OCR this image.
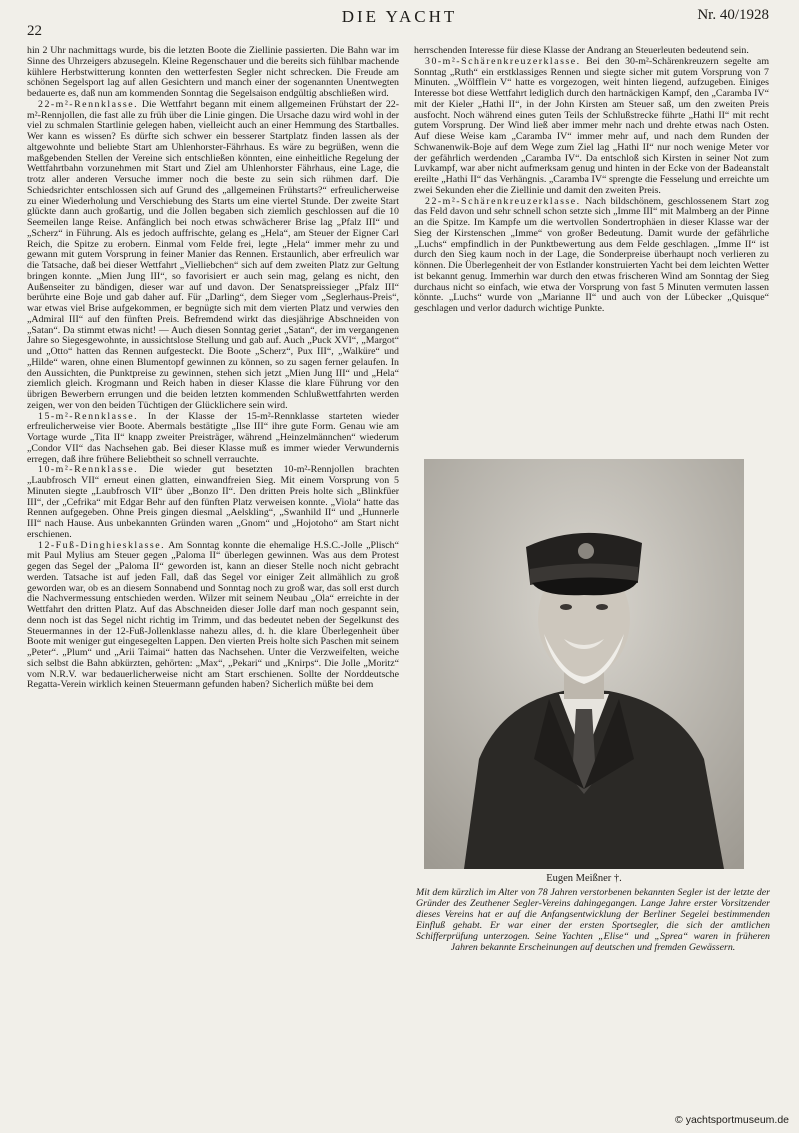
22
DIE YACHT	Nr. 40/1928

hin 2 Uhr nachmittags wurde, bis die letzten Boote die Ziellinie passierten. Die Bahn war im Sinne des Uhrzeigers abzusegeln. Kleine Regenschauer und die bereits sich fühlbar machende kühlere Herbstwitterung konnten den wetterfesten Segler nicht schrecken. Die Freude am schönen Segelsport lag auf allen Gesichtern und manch einer der sogenannten Unentwegten bedauerte es, daß nun am kommenden Sonntag die Segelsaison endgültig abschließen wird.

22-m²-Rennklasse. Die Wettfahrt begann mit einem allgemeinen Frühstart der 22-m²-Rennjollen, die fast alle zu früh über die Linie gingen. Die Ursache dazu wird wohl in der viel zu schmalen Startlinie gelegen haben, vielleicht auch an einer Hemmung des Startballes. Wer kann es wissen? Es dürfte sich schwer ein besserer Startplatz finden lassen als der altgewohnte und beliebte Start am Uhlenhorster-Fährhaus. Es wäre zu begrüßen, wenn die maßgebenden Stellen der Vereine sich entschließen könnten, eine einheitliche Regelung der Wettfahrtbahn vorzunehmen mit Start und Ziel am Uhlenhorster Fährhaus, eine Lage, die trotz aller anderen Versuche immer noch die beste zu sein sich rühmen darf. Die Schiedsrichter entschlossen sich auf Grund des „allgemeinen Frühstarts?“ erfreulicherweise zu einer Wiederholung und Verschiebung des Starts um eine viertel Stunde. Der zweite Start glückte dann auch großartig, und die Jollen begaben sich ziemlich geschlossen auf die 10 Seemeilen lange Reise. Anfänglich bei noch etwas schwächerer Brise lag „Pfalz III“ und „Scherz“ in Führung. Als es jedoch auffrischte, gelang es „Hela“, am Steuer der Eigner Carl Reich, die Spitze zu erobern. Einmal vom Felde frei, legte „Hela“ immer mehr zu und gewann mit gutem Vorsprung in feiner Manier das Rennen. Erstaunlich, aber erfreulich war die Tatsache, daß bei dieser Wettfahrt „Vielliebchen“ sich auf dem zweiten Platz zur Geltung bringen konnte. „Mien Jung III“, so favorisiert er auch sein mag, gelang es nicht, den Außenseiter zu bändigen, dieser war auf und davon. Der Senatspreissieger „Pfalz III“ berührte eine Boje und gab daher auf. Für „Darling“, dem Sieger vom „Seglerhaus-Preis“, war etwas viel Brise aufgekommen, er begnügte sich mit dem vierten Platz und verwies den „Admiral III“ auf den fünften Preis. Befremdend wirkt das diesjährige Abschneiden von „Satan“. Da stimmt etwas nicht! — Auch diesen Sonntag geriet „Satan“, der im vergangenen Jahre so Siegesgewohnte, in aussichtslose Stellung und gab auf. Auch „Puck XVI“, „Margot“ und „Otto“ hatten das Rennen aufgesteckt. Die Boote „Scherz“, Pux III“, „Walküre“ und „Hilde“ waren, ohne einen Blumentopf gewinnen zu können, so zu sagen ferner gelaufen. In den Aussichten, die Punktpreise zu gewinnen, stehen sich jetzt „Mien Jung III“ und „Hela“ ziemlich gleich. Krogmann und Reich haben in dieser Klasse die klare Führung vor den übrigen Bewerbern errungen und die beiden letzten kommenden Schlußwettfahrten werden zeigen, wer von den beiden Tüchtigen der Glücklichere sein wird.

15-m²-Rennklasse. In der Klasse der 15-m²-Rennklasse starteten wieder erfreulicherweise vier Boote. Abermals bestätigte „Ilse III“ ihre gute Form. Genau wie am Vortage wurde „Tita II“ knapp zweiter Preisträger, während „Heinzelmännchen“ wiederum „Condor VII“ das Nachsehen gab. Bei dieser Klasse muß es immer wieder Verwundernis erregen, daß ihre frühere Beliebtheit so schnell verrauchte.

10-m²-Rennklasse. Die wieder gut besetzten 10-m²-Rennjollen brachten „Laubfrosch VII“ erneut einen glatten, einwandfreien Sieg. Mit einem Vorsprung von 5 Minuten siegte „Laubfrosch VII“ über „Bonzo II“. Den dritten Preis holte sich „Blinkfüer III“, der „Cefrika“ mit Edgar Behr auf den fünften Platz verweisen konnte. „Viola“ hatte das Rennen aufgegeben. Ohne Preis gingen diesmal „Aelskling“, „Swanhild II“ und „Hunnerle III“ nach Hause. Aus unbekannten Gründen waren „Gnom“ und „Hojotoho“ am Start nicht erschienen.

12-Fuß-Dinghiesklasse. Am Sonntag konnte die ehemalige H.S.C.-Jolle „Plisch“ mit Paul Mylius am Steuer gegen „Paloma II“ überlegen gewinnen. Was aus dem Protest gegen das Segel der „Paloma II“ geworden ist, kann an dieser Stelle noch nicht gebracht werden. Tatsache ist auf jeden Fall, daß das Segel vor einiger Zeit allmählich zu groß geworden war, ob es an diesem Sonnabend und Sonntag noch zu groß war, das soll erst durch die Nachvermessung entschieden werden. Wilzer mit seinem Neubau „Ola“ erreichte in der Wettfahrt den dritten Platz. Auf das Abschneiden dieser Jolle darf man noch gespannt sein, denn noch ist das Segel nicht richtig im Trimm, und das bedeutet neben der Segelkunst des Steuermannes in der 12-Fuß-Jollenklasse nahezu alles, d. h. die klare Überlegenheit über Boote mit weniger gut eingesegelten Lappen. Den vierten Preis holte sich Paschen mit seinem „Peter“. „Plum“ und „Arii Taimai“ hatten das Nachsehen. Unter die Verzweifelten, weiche sich selbst die Bahn abkürzten, gehörten: „Max“, „Pekari“ und „Knirps“. Die Jolle „Moritz“ vom N.R.V. war bedauerlicherweise nicht am Start erschienen. Sollte der Norddeutsche Regatta-Verein wirklich keinen Steuermann gefunden haben? Sicherlich müßte bei dem

herrschenden Interesse für diese Klasse der Andrang an Steuerleuten bedeutend sein.

30-m²-Schärenkreuzerklasse. Bei den 30-m²-Schärenkreuzern segelte am Sonntag „Ruth“ ein erstklassiges Rennen und siegte sicher mit gutem Vorsprung von 7 Minuten. „Wölfflein V“ hatte es vorgezogen, weit hinten liegend, aufzugeben. Einiges Interesse bot diese Wettfahrt lediglich durch den hartnäckigen Kampf, den „Caramba IV“ mit der Kieler „Hathi II“, in der John Kirsten am Steuer saß, um den zweiten Preis ausfocht. Noch während eines guten Teils der Schlußstrecke führte „Hathi II“ mit recht gutem Vorsprung. Der Wind ließ aber immer mehr nach und drehte etwas nach Osten. Auf diese Weise kam „Caramba IV“ immer mehr auf, und nach dem Runden der Schwanenwik-Boje auf dem Wege zum Ziel lag „Hathi II“ nur noch wenige Meter vor der gefährlich werdenden „Caramba IV“. Da entschloß sich Kirsten in seiner Not zum Luvkampf, war aber nicht aufmerksam genug und hinten in der Ecke von der Badeanstalt ereilte „Hathi II“ das Verhängnis. „Caramba IV“ sprengte die Fesselung und erreichte um zwei Sekunden eher die Ziellinie und damit den zweiten Preis.

22-m²-Schärenkreuzerklasse. Nach bildschönem, geschlossenem Start zog das Feld davon und sehr schnell schon setzte sich „Imme III“ mit Malmberg an der Pinne an die Spitze. Im Kampfe um die wertvollen Sondertrophäen in dieser Klasse war der Sieg der Kirstenschen „Imme“ von großer Bedeutung. Damit wurde der gefährliche „Luchs“ empfindlich in der Punktbewertung aus dem Felde geschlagen. „Imme II“ ist durch den Sieg kaum noch in der Lage, die Sonderpreise überhaupt noch verlieren zu können. Die Überlegenheit der von Estlander konstruierten Yacht bei dem leichten Wetter ist bekannt genug. Immerhin war durch den etwas frischeren Wind am Sonntag der Sieg durchaus nicht so einfach, wie etwa der Vorsprung von fast 5 Minuten vermuten lassen könnte. „Luchs“ wurde von „Marianne II“ und auch von der Lübecker „Quisque“ geschlagen und verlor dadurch wichtige Punkte.

Eugen Meißner †.

Mit dem kürzlich im Alter von 78 Jahren verstorbenen bekannten Segler ist der letzte der Gründer des Zeuthener Segler-Vereins dahingegangen. Lange Jahre erster Vorsitzender dieses Vereins hat er auf die Anfangsentwicklung der Berliner Segelei bestimmenden Einfluß gehabt. Er war einer der ersten Sportsegler, die sich der amtlichen Schifferprüfung unterzogen. Seine Yachten „Elise“ und „Sprea“ waren in früheren Jahren bekannte Erscheinungen auf deutschen und fremden Gewässern.

© yachtsportmuseum.de
